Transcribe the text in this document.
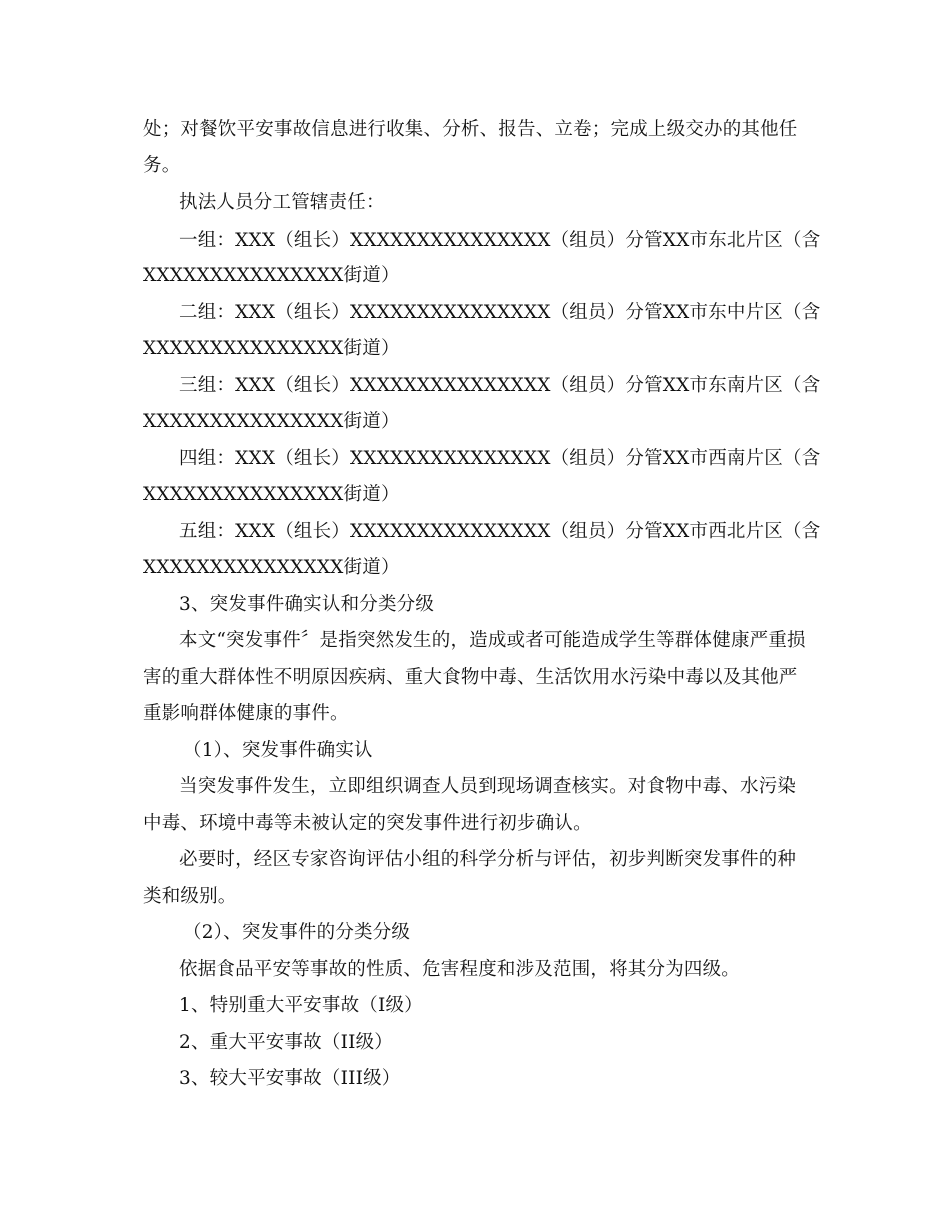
处；对餐饮平安事故信息进行收集、分析、报告、立卷；完成上级交办的其他任
务。
执法人员分工管辖责任：
一组：XXX（组长）XXXXXXXXXXXXXXX（组员）分管XX市东北片区（含
XXXXXXXXXXXXXXX街道）
二组：XXX（组长）XXXXXXXXXXXXXXX（组员）分管XX市东中片区（含
XXXXXXXXXXXXXXX街道）
三组：XXX（组长）XXXXXXXXXXXXXXX（组员）分管XX市东南片区（含
XXXXXXXXXXXXXXX街道）
四组：XXX（组长）XXXXXXXXXXXXXXX（组员）分管XX市西南片区（含
XXXXXXXXXXXXXXX街道）
五组：XXX（组长）XXXXXXXXXXXXXXX（组员）分管XX市西北片区（含
XXXXXXXXXXXXXXX街道）
3、突发事件确实认和分类分级
本文“突发事件〞是指突然发生的，造成或者可能造成学生等群体健康严重损
害的重大群体性不明原因疾病、重大食物中毒、生活饮用水污染中毒以及其他严
重影响群体健康的事件。
（1）、突发事件确实认
当突发事件发生，立即组织调查人员到现场调查核实。对食物中毒、水污染
中毒、环境中毒等未被认定的突发事件进行初步确认。
必要时，经区专家咨询评估小组的科学分析与评估，初步判断突发事件的种
类和级别。
（2）、突发事件的分类分级
依据食品平安等事故的性质、危害程度和涉及范围，将其分为四级。
1、特别重大平安事故（I级）
2、重大平安事故（II级）
3、较大平安事故（III级）
